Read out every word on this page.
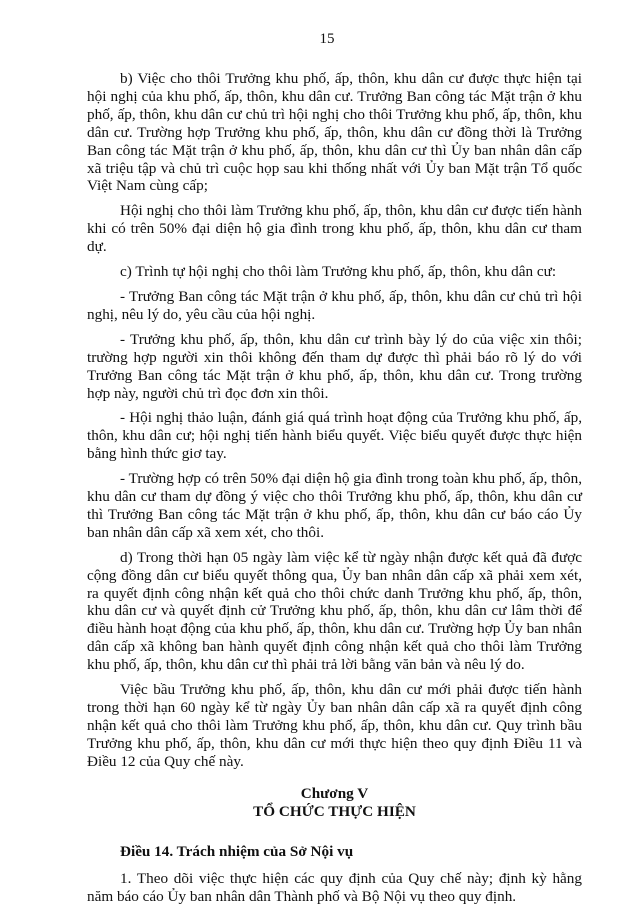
15

b) Việc cho thôi Trưởng khu phố, ấp, thôn, khu dân cư được thực hiện tại hội nghị của khu phố, ấp, thôn, khu dân cư. Trưởng Ban công tác Mặt trận ở khu phố, ấp, thôn, khu dân cư chủ trì hội nghị cho thôi Trưởng khu phố, ấp, thôn, khu dân cư. Trường hợp Trưởng khu phố, ấp, thôn, khu dân cư đồng thời là Trưởng Ban công tác Mặt trận ở khu phố, ấp, thôn, khu dân cư thì Ủy ban nhân dân cấp xã triệu tập và chủ trì cuộc họp sau khi thống nhất với Ủy ban Mặt trận Tổ quốc Việt Nam cùng cấp;

Hội nghị cho thôi làm Trưởng khu phố, ấp, thôn, khu dân cư được tiến hành khi có trên 50% đại diện hộ gia đình trong khu phố, ấp, thôn, khu dân cư tham dự.

c) Trình tự hội nghị cho thôi làm Trưởng khu phố, ấp, thôn, khu dân cư:

- Trưởng Ban công tác Mặt trận ở khu phố, ấp, thôn, khu dân cư chủ trì hội nghị, nêu lý do, yêu cầu của hội nghị.

- Trưởng khu phố, ấp, thôn, khu dân cư trình bày lý do của việc xin thôi; trường hợp người xin thôi không đến tham dự được thì phải báo rõ lý do với Trưởng Ban công tác Mặt trận ở khu phố, ấp, thôn, khu dân cư. Trong trường hợp này, người chủ trì đọc đơn xin thôi.

- Hội nghị thảo luận, đánh giá quá trình hoạt động của Trưởng khu phố, ấp, thôn, khu dân cư; hội nghị tiến hành biểu quyết. Việc biểu quyết được thực hiện bằng hình thức giơ tay.

- Trường hợp có trên 50% đại diện hộ gia đình trong toàn khu phố, ấp, thôn, khu dân cư tham dự đồng ý việc cho thôi Trưởng khu phố, ấp, thôn, khu dân cư thì Trưởng Ban công tác Mặt trận ở khu phố, ấp, thôn, khu dân cư báo cáo Ủy ban nhân dân cấp xã xem xét, cho thôi.

d) Trong thời hạn 05 ngày làm việc kể từ ngày nhận được kết quả đã được cộng đồng dân cư biểu quyết thông qua, Ủy ban nhân dân cấp xã phải xem xét, ra quyết định công nhận kết quả cho thôi chức danh Trưởng khu phố, ấp, thôn, khu dân cư và quyết định cử Trưởng khu phố, ấp, thôn, khu dân cư lâm thời để điều hành hoạt động của khu phố, ấp, thôn, khu dân cư. Trường hợp Ủy ban nhân dân cấp xã không ban hành quyết định công nhận kết quả cho thôi làm Trưởng khu phố, ấp, thôn, khu dân cư thì phải trả lời bằng văn bản và nêu lý do.

Việc bầu Trưởng khu phố, ấp, thôn, khu dân cư mới phải được tiến hành trong thời hạn 60 ngày kể từ ngày Ủy ban nhân dân cấp xã ra quyết định công nhận kết quả cho thôi làm Trưởng khu phố, ấp, thôn, khu dân cư. Quy trình bầu Trưởng khu phố, ấp, thôn, khu dân cư mới thực hiện theo quy định Điều 11 và Điều 12 của Quy chế này.

Chương V

TỔ CHỨC THỰC HIỆN

Điều 14. Trách nhiệm của Sở Nội vụ

1. Theo dõi việc thực hiện các quy định của Quy chế này; định kỳ hằng năm báo cáo Ủy ban nhân dân Thành phố và Bộ Nội vụ theo quy định.
